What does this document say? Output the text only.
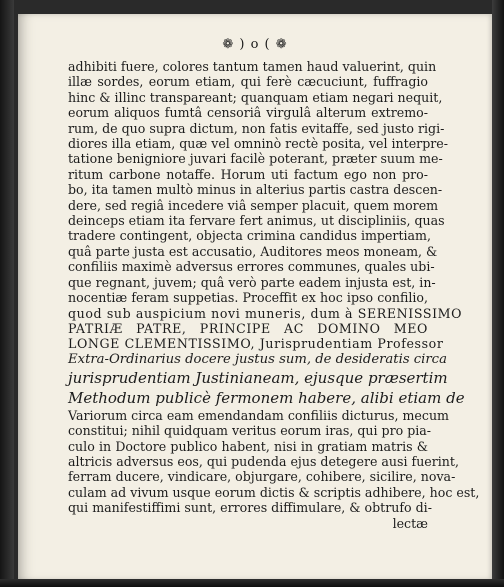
❁ ) o ( ❁
adhibiti fuere, colores tantum tamen haud valuerint, quin
illæ sordes, eorum etiam, qui ferè cæcuciunt, fuffragio
hinc & illinc transpareant; quanquam etiam negari nequit,
eorum aliquos fumtâ censoriâ virgulâ alterum extremo-
rum, de quo supra dictum, non fatis evitaffe, sed justo rigi-
diores illa etiam, quæ vel omninò rectè posita, vel interpre-
tatione benigniore juvari facilè poterant, præter suum me-
ritum carbone notaffe. Horum uti factum ego non pro-
bo, ita tamen multò minus in alterius partis castra descen-
dere, sed regiâ incedere viâ semper placuit, quem morem
deinceps etiam ita fervare fert animus, ut discipliniis, quas
tradere contingent, objecta crimina candidus impertiam,
quâ parte justa est accusatio, Auditores meos moneam, &
confiliis maximè adversus errores communes, quales ubi-
que regnant, juvem; quâ verò parte eadem injusta est, in-
nocentiæ feram suppetias. Proceffit ex hoc ipso confilio,
quod sub auspicium novi muneris, dum à SERENISSIMO
PATRIÆ PATRE, PRINCIPE AC DOMINO MEO
LONGE CLEMENTISSIMO, Jurisprudentiam Professor
Extra-Ordinarius docere justus sum, de desideratis circa
jurisprudentiam Justinianeam, ejusque præsertim
Methodum publicè fermonem habere, alibi etiam de
Variorum circa eam emendandam confiliis dicturus, mecum
constitui; nihil quidquam veritus eorum iras, qui pro pia-
culo in Doctore publico habent, nisi in gratiam matris &
altricis adversus eos, qui pudenda ejus detegere ausi fuerint,
ferram ducere, vindicare, objurgare, cohibere, sicilire, nova-
culam ad vivum usque eorum dictis & scriptis adhibere, hoc est,
qui manifestiffimi sunt, errores diffimulare, & obtrufo di-
lectæ
